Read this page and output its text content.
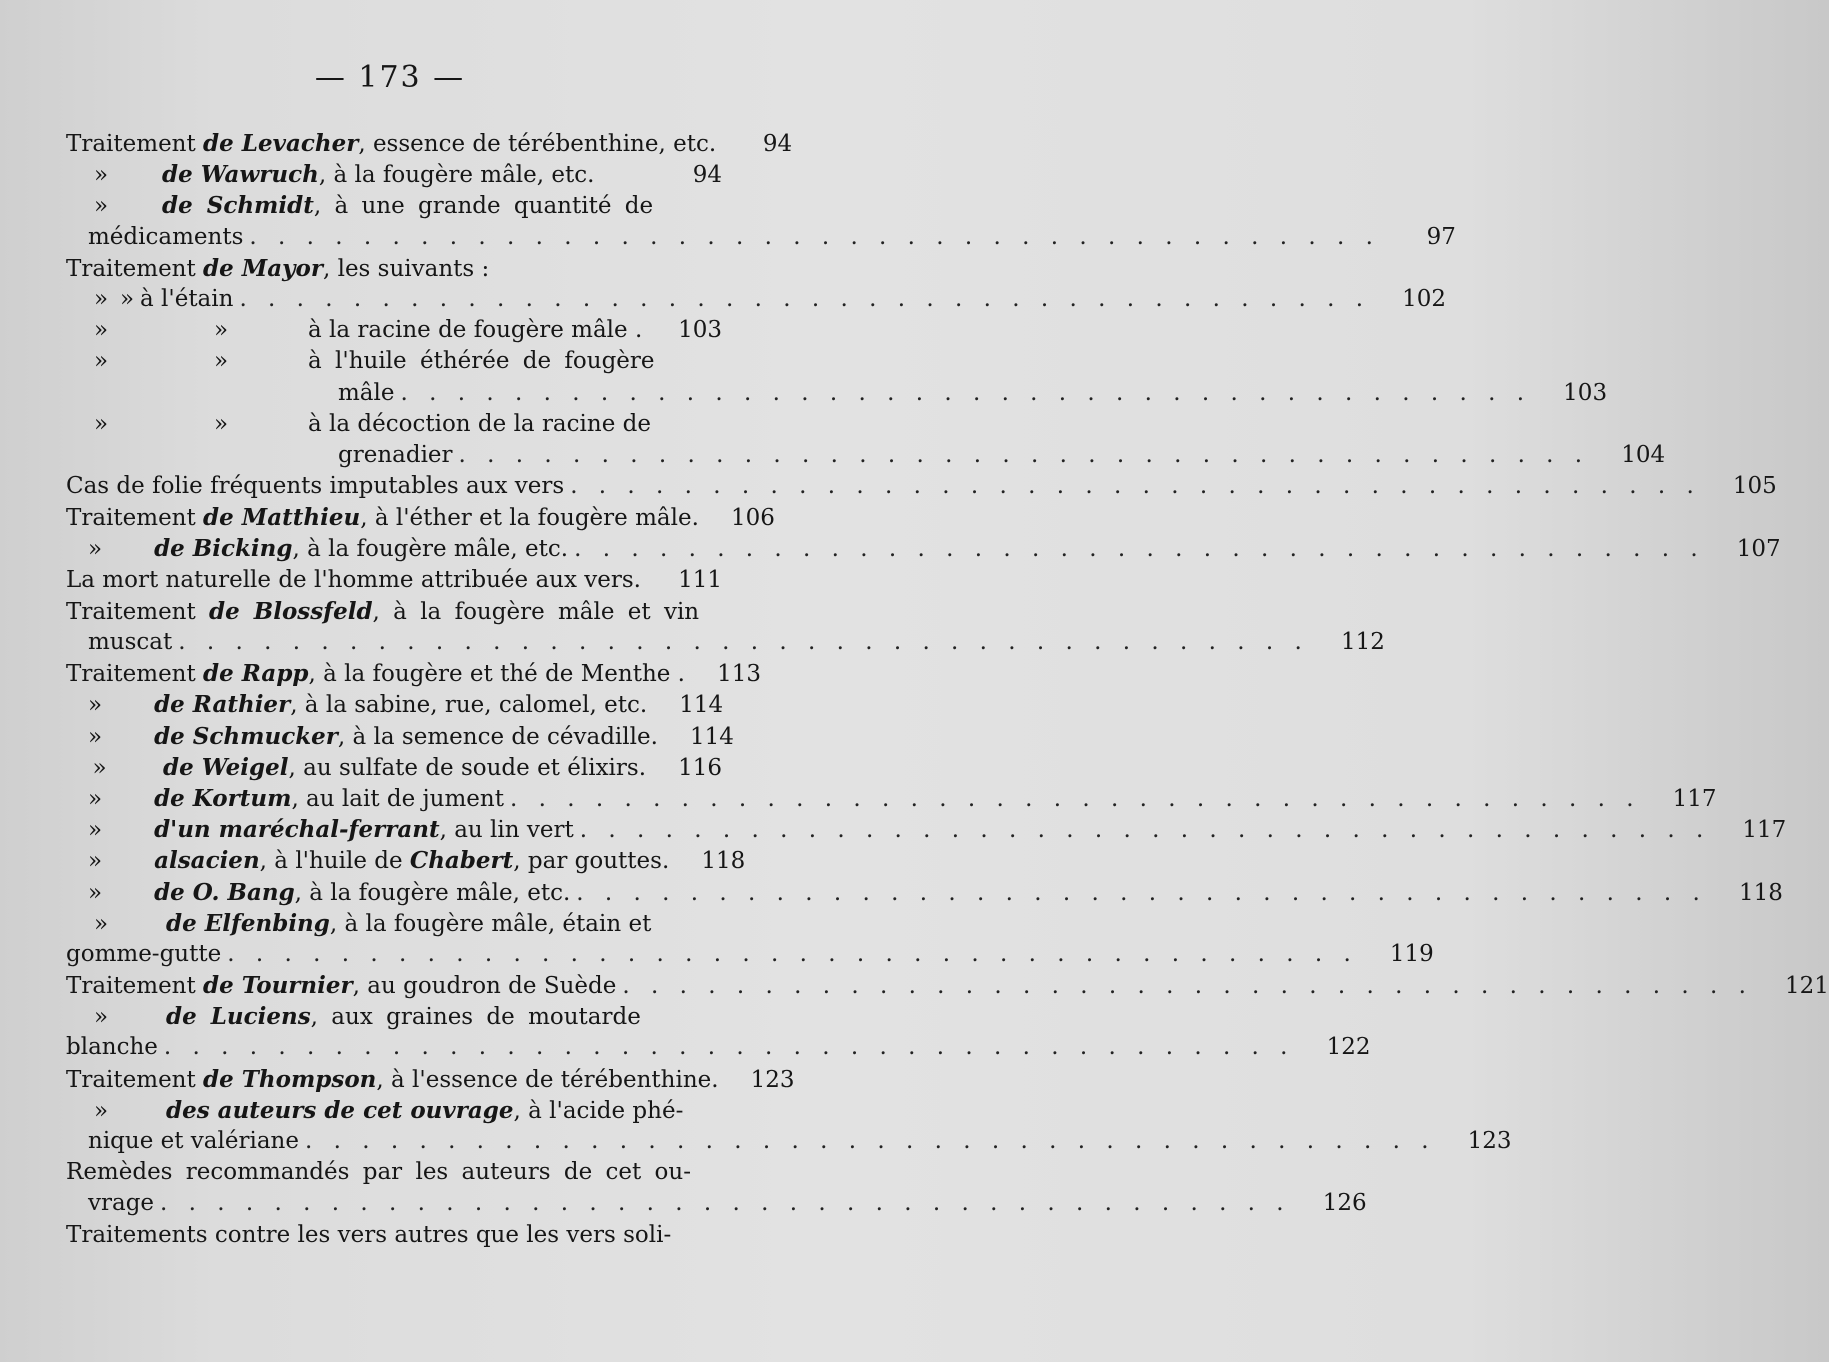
— 173 —
Traitement de Levacher, essence de térébenthine, etc.	94
»	de Wawruch, à la fougère mâle, etc.	94
»	de Schmidt, à une grande quantité de
médicaments . . . . . . . . . . . . . . . . . . . . . . . . . . . . . . . . . . . . . . . .	97
Traitement de Mayor, les suivants :
» » à l'étain . . . . . . . . . . . . . . . . . . . . . . . . . . . . . . . . . . . . . . . .	102
»	»	à la racine de fougère mâle .	103
»	»	à l'huile éthérée de fougère
mâle . . . . . . . . . . . . . . . . . . . . . . . . . . . . . . . . . . . . . . . .	103
»	»	à la décoction de la racine de
grenadier . . . . . . . . . . . . . . . . . . . . . . . . . . . . . . . . . . . . . . . .	104
Cas de folie fréquents imputables aux vers . . . . . . . . . . . . . . . . . . . . . . . . . . . . . . . . . . . . . . . .	105
Traitement de Matthieu, à l'éther et la fougère mâle.	106
»	de Bicking, à la fougère mâle, etc. . . . . . . . . . . . . . . . . . . . . . . . . . . . . . . . . . . . . . . . .	107
La mort naturelle de l'homme attribuée aux vers.	111
Traitement de Blossfeld, à la fougère mâle et vin
muscat . . . . . . . . . . . . . . . . . . . . . . . . . . . . . . . . . . . . . . . .	112
Traitement de Rapp, à la fougère et thé de Menthe .	113
»	de Rathier, à la sabine, rue, calomel, etc.	114
»	de Schmucker, à la semence de cévadille.	114
»	de Weigel, au sulfate de soude et élixirs.	116
»	de Kortum, au lait de jument . . . . . . . . . . . . . . . . . . . . . . . . . . . . . . . . . . . . . . . .	117
»	d'un maréchal-ferrant, au lin vert . . . . . . . . . . . . . . . . . . . . . . . . . . . . . . . . . . . . . . . .	117
»	alsacien, à l'huile de Chabert, par gouttes.	118
»	de O. Bang, à la fougère mâle, etc. . . . . . . . . . . . . . . . . . . . . . . . . . . . . . . . . . . . . . . . .	118
»	de Elfenbing, à la fougère mâle, étain et
gomme-gutte . . . . . . . . . . . . . . . . . . . . . . . . . . . . . . . . . . . . . . . .	119
Traitement de Tournier, au goudron de Suède . . . . . . . . . . . . . . . . . . . . . . . . . . . . . . . . . . . . . . . .	121
»	de Luciens, aux graines de moutarde
blanche . . . . . . . . . . . . . . . . . . . . . . . . . . . . . . . . . . . . . . . .	122
Traitement de Thompson, à l'essence de térébenthine.	123
»	des auteurs de cet ouvrage, à l'acide phé-
nique et valériane . . . . . . . . . . . . . . . . . . . . . . . . . . . . . . . . . . . . . . . .	123
Remèdes recommandés par les auteurs de cet ou-
vrage . . . . . . . . . . . . . . . . . . . . . . . . . . . . . . . . . . . . . . . .	126
Traitements contre les vers autres que les vers soli-
